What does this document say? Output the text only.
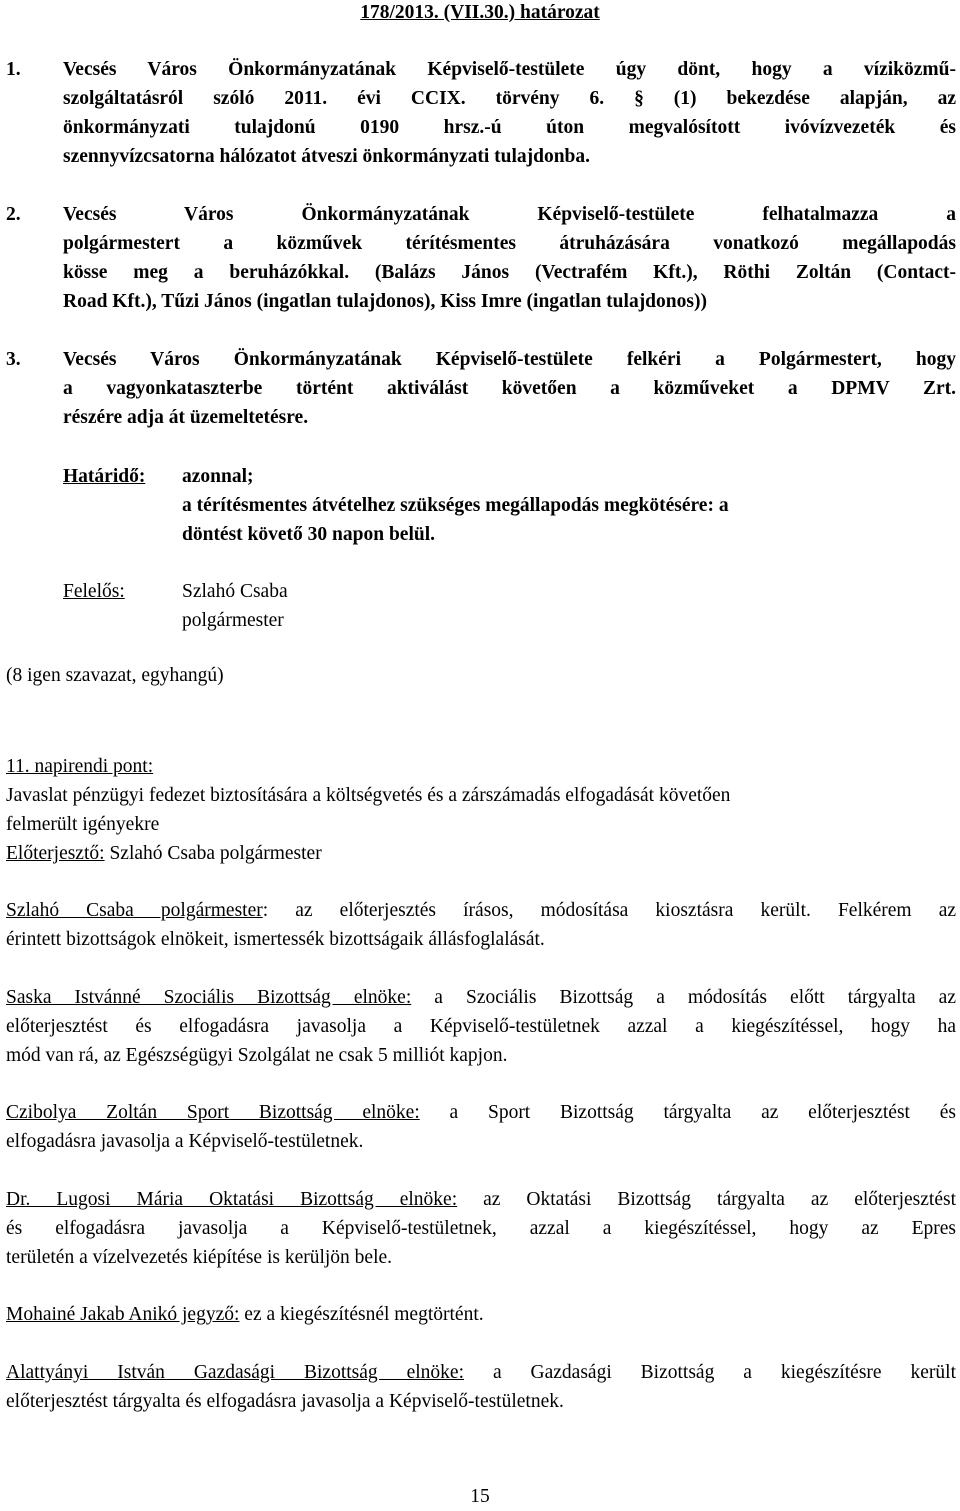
178/2013. (VII.30.) határozat
1.	Vecsés Város Önkormányzatának Képviselő-testülete úgy dönt, hogy a víziközmű-
szolgáltatásról szóló 2011. évi CCIX. törvény 6. § (1) bekezdése alapján, az
önkormányzati tulajdonú 0190 hrsz.-ú úton megvalósított ivóvízvezeték és
szennyvízcsatorna hálózatot átveszi önkormányzati tulajdonba.
2.	Vecsés Város Önkormányzatának Képviselő-testülete felhatalmazza a
polgármestert a közművek térítésmentes átruházására vonatkozó megállapodás
kösse meg a beruházókkal. (Balázs János (Vectrafém Kft.), Röthi Zoltán (Contact-
Road Kft.), Tűzi János (ingatlan tulajdonos), Kiss Imre (ingatlan tulajdonos))
3.	Vecsés Város Önkormányzatának Képviselő-testülete felkéri a Polgármestert, hogy
a vagyonkataszterbe történt aktiválást követően a közműveket a DPMV Zrt.
részére adja át üzemeltetésre.
Határidő: azonnal;
a térítésmentes átvételhez szükséges megállapodás megkötésére: a
döntést követő 30 napon belül.
Felelős:	Szlahó Csaba
polgármester
(8 igen szavazat, egyhangú)
11. napirendi pont:
Javaslat pénzügyi fedezet biztosítására a költségvetés és a zárszámadás elfogadását követően
felmerült igényekre
Előterjesztő: Szlahó Csaba polgármester
Szlahó Csaba polgármester: az előterjesztés írásos, módosítása kiosztásra került. Felkérem az
érintett bizottságok elnökeit, ismertessék bizottságaik állásfoglalását.
Saska Istvánné Szociális Bizottság elnöke: a Szociális Bizottság a módosítás előtt tárgyalta az
előterjesztést és elfogadásra javasolja a Képviselő-testületnek azzal a kiegészítéssel, hogy ha
mód van rá, az Egészségügyi Szolgálat ne csak 5 milliót kapjon.
Czibolya Zoltán Sport Bizottság elnöke: a Sport Bizottság tárgyalta az előterjesztést és
elfogadásra javasolja a Képviselő-testületnek.
Dr. Lugosi Mária Oktatási Bizottság elnöke: az Oktatási Bizottság tárgyalta az előterjesztést
és elfogadásra javasolja a Képviselő-testületnek, azzal a kiegészítéssel, hogy az Epres
területén a vízelvezetés kiépítése is kerüljön bele.
Mohainé Jakab Anikó jegyző: ez a kiegészítésnél megtörtént.
Alattyányi István Gazdasági Bizottság elnöke: a Gazdasági Bizottság a kiegészítésre került
előterjesztést tárgyalta és elfogadásra javasolja a Képviselő-testületnek.
15
